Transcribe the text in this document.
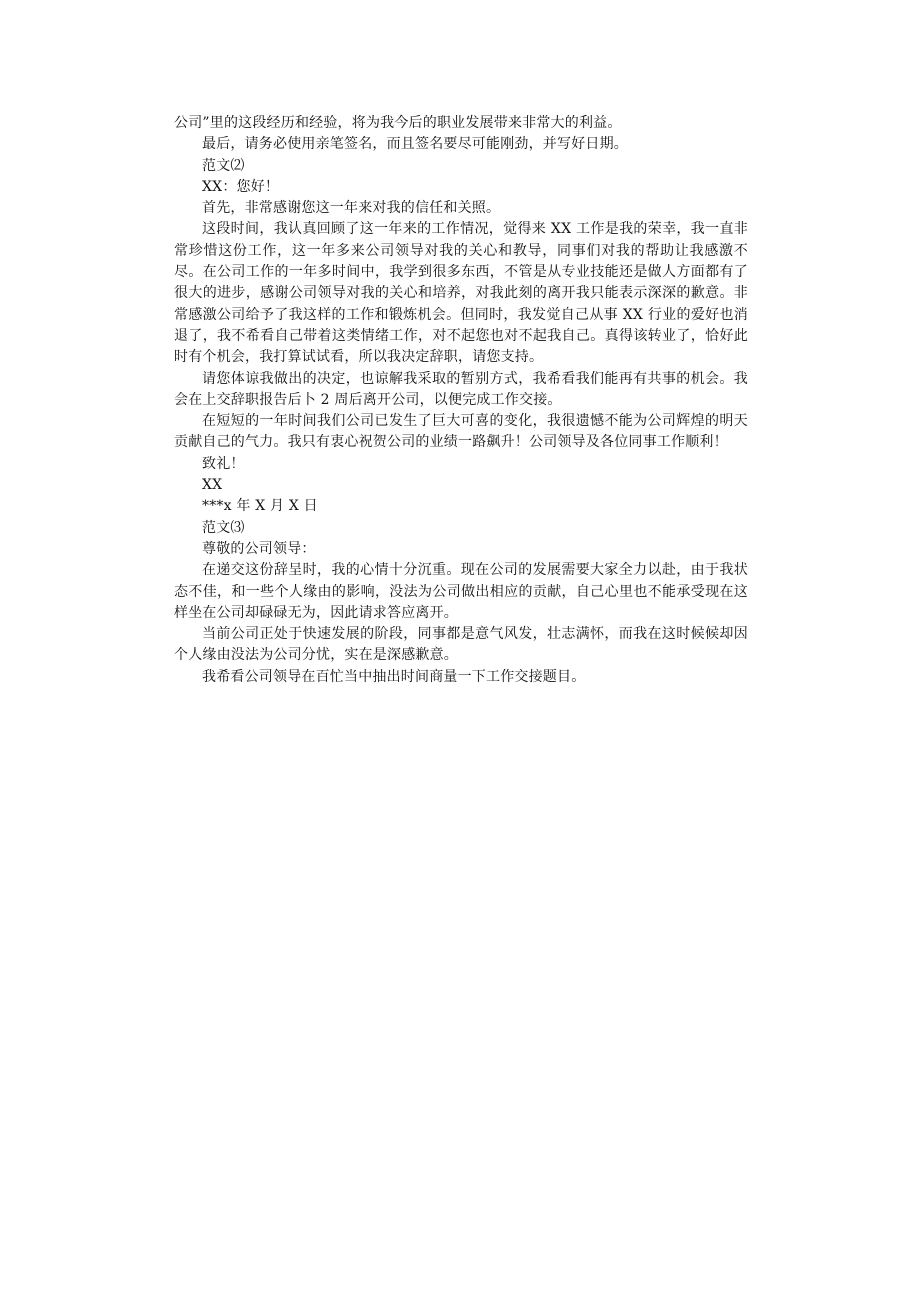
公司”里的这段经历和经验，将为我今后的职业发展带来非常大的利益。

最后，请务必使用亲笔签名，而且签名要尽可能刚劲，并写好日期。

范文⑵

XX：您好！

首先，非常感谢您这一年来对我的信任和关照。

这段时间，我认真回顾了这一年来的工作情况，觉得来 XX 工作是我的荣幸，我一直非常珍惜这份工作，这一年多来公司领导对我的关心和教导，同事们对我的帮助让我感激不尽。在公司工作的一年多时间中，我学到很多东西，不管是从专业技能还是做人方面都有了很大的进步，感谢公司领导对我的关心和培养，对我此刻的离开我只能表示深深的歉意。非常感激公司给予了我这样的工作和锻炼机会。但同时，我发觉自己从事 XX 行业的爱好也消退了，我不希看自己带着这类情绪工作，对不起您也对不起我自己。真得该转业了，恰好此时有个机会，我打算试试看，所以我决定辞职，请您支持。

请您体谅我做出的决定，也谅解我采取的暂别方式，我希看我们能再有共事的机会。我会在上交辞职报告后卜 2 周后离开公司，以便完成工作交接。

在短短的一年时间我们公司已发生了巨大可喜的变化，我很遗憾不能为公司辉煌的明天贡献自己的气力。我只有衷心祝贺公司的业绩一路飙升！公司领导及各位同事工作顺利！

致礼！

XX

***x 年 X 月 X 日

范文⑶

尊敬的公司领导：

在递交这份辞呈时，我的心情十分沉重。现在公司的发展需要大家全力以赴，由于我状态不佳，和一些个人缘由的影响，没法为公司做出相应的贡献，自己心里也不能承受现在这样坐在公司却碌碌无为，因此请求答应离开。

当前公司正处于快速发展的阶段，同事都是意气风发，壮志满怀，而我在这时候候却因个人缘由没法为公司分忧，实在是深感歉意。

我希看公司领导在百忙当中抽出时间商量一下工作交接题目。
